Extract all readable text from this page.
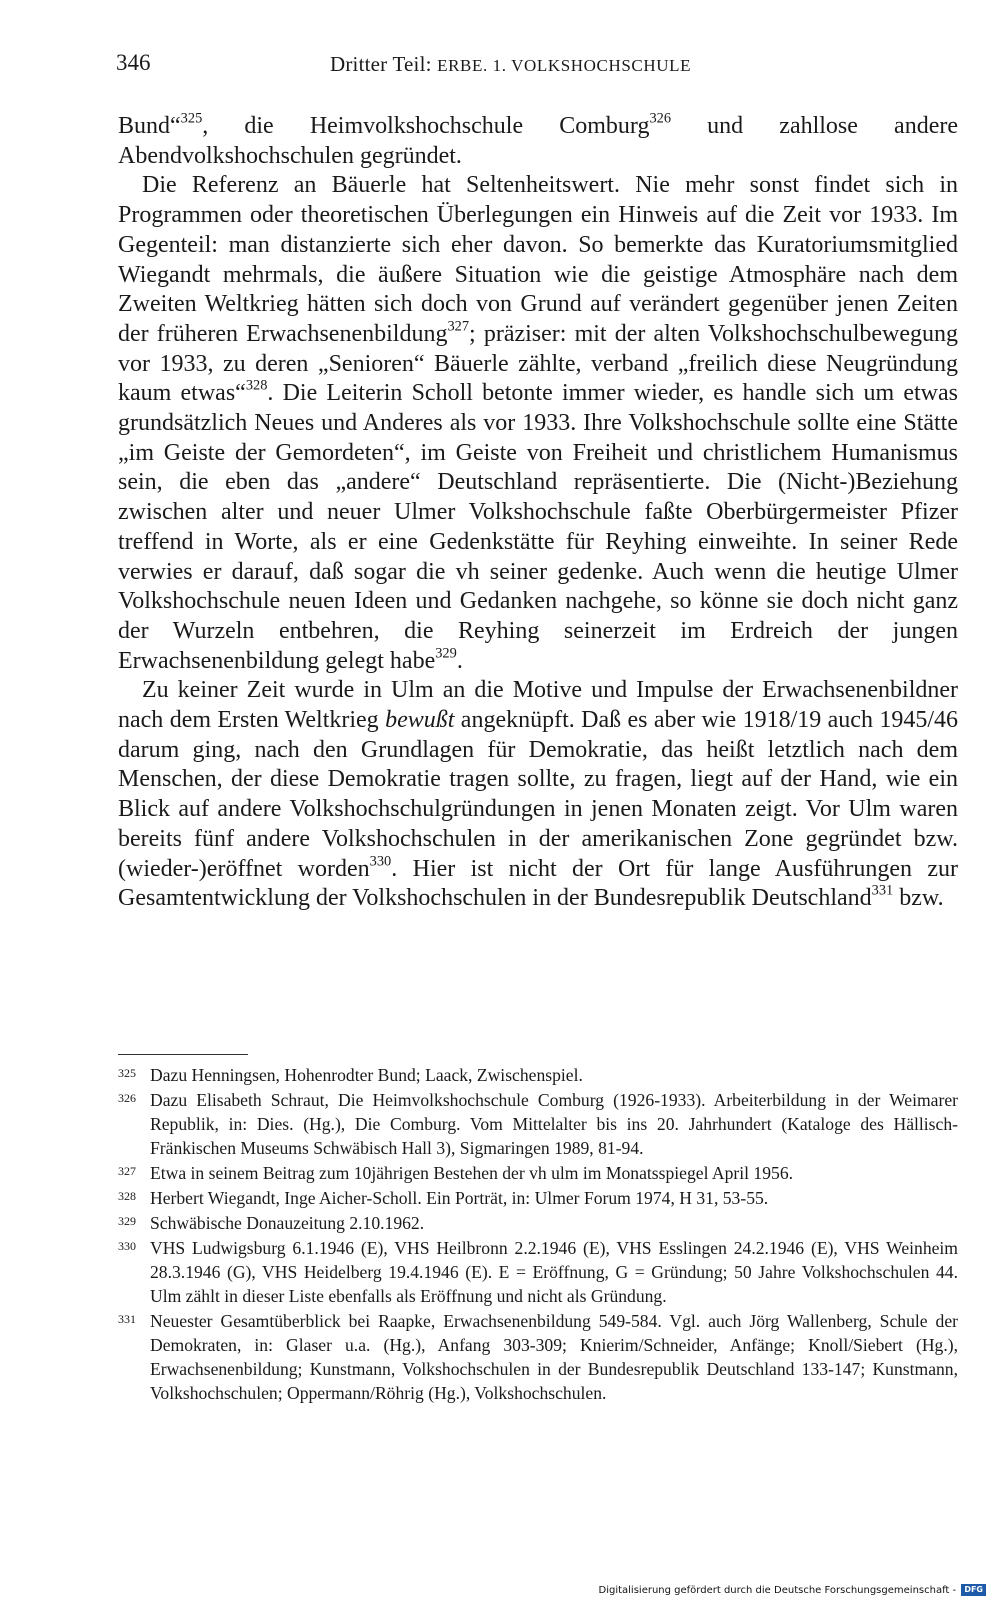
346	Dritter Teil: ERBE. 1. VOLKSHOCHSCHULE

Bund“$^{325}$, die Heimvolkshochschule Comburg$^{326}$ und zahllose andere Abendvolkshochschulen gegründet.

Die Referenz an Bäuerle hat Seltenheitswert. Nie mehr sonst findet sich in Programmen oder theoretischen Überlegungen ein Hinweis auf die Zeit vor 1933. Im Gegenteil: man distanzierte sich eher davon. So bemerkte das Kuratoriumsmitglied Wiegandt mehrmals, die äußere Situation wie die geistige Atmosphäre nach dem Zweiten Weltkrieg hätten sich doch von Grund auf verändert gegenüber jenen Zeiten der früheren Erwachsenenbildung$^{327}$; präziser: mit der alten Volkshochschulbewegung vor 1933, zu deren „Senioren“ Bäuerle zählte, verband „freilich diese Neugründung kaum etwas“$^{328}$. Die Leiterin Scholl betonte immer wieder, es handle sich um etwas grundsätzlich Neues und Anderes als vor 1933. Ihre Volkshochschule sollte eine Stätte „im Geiste der Gemordeten“, im Geiste von Freiheit und christlichem Humanismus sein, die eben das „andere“ Deutschland repräsentierte. Die (Nicht-)Beziehung zwischen alter und neuer Ulmer Volkshochschule faßte Oberbürgermeister Pfizer treffend in Worte, als er eine Gedenkstätte für Reyhing einweihte. In seiner Rede verwies er darauf, daß sogar die vh seiner gedenke. Auch wenn die heutige Ulmer Volkshochschule neuen Ideen und Gedanken nachgehe, so könne sie doch nicht ganz der Wurzeln entbehren, die Reyhing seinerzeit im Erdreich der jungen Erwachsenenbildung gelegt habe$^{329}$.

Zu keiner Zeit wurde in Ulm an die Motive und Impulse der Erwachsenenbildner nach dem Ersten Weltkrieg bewußt angeknüpft. Daß es aber wie 1918/19 auch 1945/46 darum ging, nach den Grundlagen für Demokratie, das heißt letztlich nach dem Menschen, der diese Demokratie tragen sollte, zu fragen, liegt auf der Hand, wie ein Blick auf andere Volkshochschulgründungen in jenen Monaten zeigt. Vor Ulm waren bereits fünf andere Volkshochschulen in der amerikanischen Zone gegründet bzw. (wieder-)eröffnet worden$^{330}$. Hier ist nicht der Ort für lange Ausführungen zur Gesamtentwicklung der Volkshochschulen in der Bundesrepublik Deutschland$^{331}$ bzw.

325 Dazu Henningsen, Hohenrodter Bund; Laack, Zwischenspiel.
326 Dazu Elisabeth Schraut, Die Heimvolkshochschule Comburg (1926-1933). Arbeiterbildung in der Weimarer Republik, in: Dies. (Hg.), Die Comburg. Vom Mittelalter bis ins 20. Jahrhundert (Kataloge des Hällisch-Fränkischen Museums Schwäbisch Hall 3), Sigmaringen 1989, 81-94.
327 Etwa in seinem Beitrag zum 10jährigen Bestehen der vh ulm im Monatsspiegel April 1956.
328 Herbert Wiegandt, Inge Aicher-Scholl. Ein Porträt, in: Ulmer Forum 1974, H 31, 53-55.
329 Schwäbische Donauzeitung 2.10.1962.
330 VHS Ludwigsburg 6.1.1946 (E), VHS Heilbronn 2.2.1946 (E), VHS Esslingen 24.2.1946 (E), VHS Weinheim 28.3.1946 (G), VHS Heidelberg 19.4.1946 (E). E = Eröffnung, G = Gründung; 50 Jahre Volkshochschulen 44. Ulm zählt in dieser Liste ebenfalls als Eröffnung und nicht als Gründung.
331 Neuester Gesamtüberblick bei Raapke, Erwachsenenbildung 549-584. Vgl. auch Jörg Wallenberg, Schule der Demokraten, in: Glaser u.a. (Hg.), Anfang 303-309; Knierim/Schneider, Anfänge; Knoll/Siebert (Hg.), Erwachsenenbildung; Kunstmann, Volkshochschulen in der Bundesrepublik Deutschland 133-147; Kunstmann, Volkshochschulen; Oppermann/Röhrig (Hg.), Volkshochschulen.
Digitalisierung gefördert durch die Deutsche Forschungsgemeinschaft - DFG
